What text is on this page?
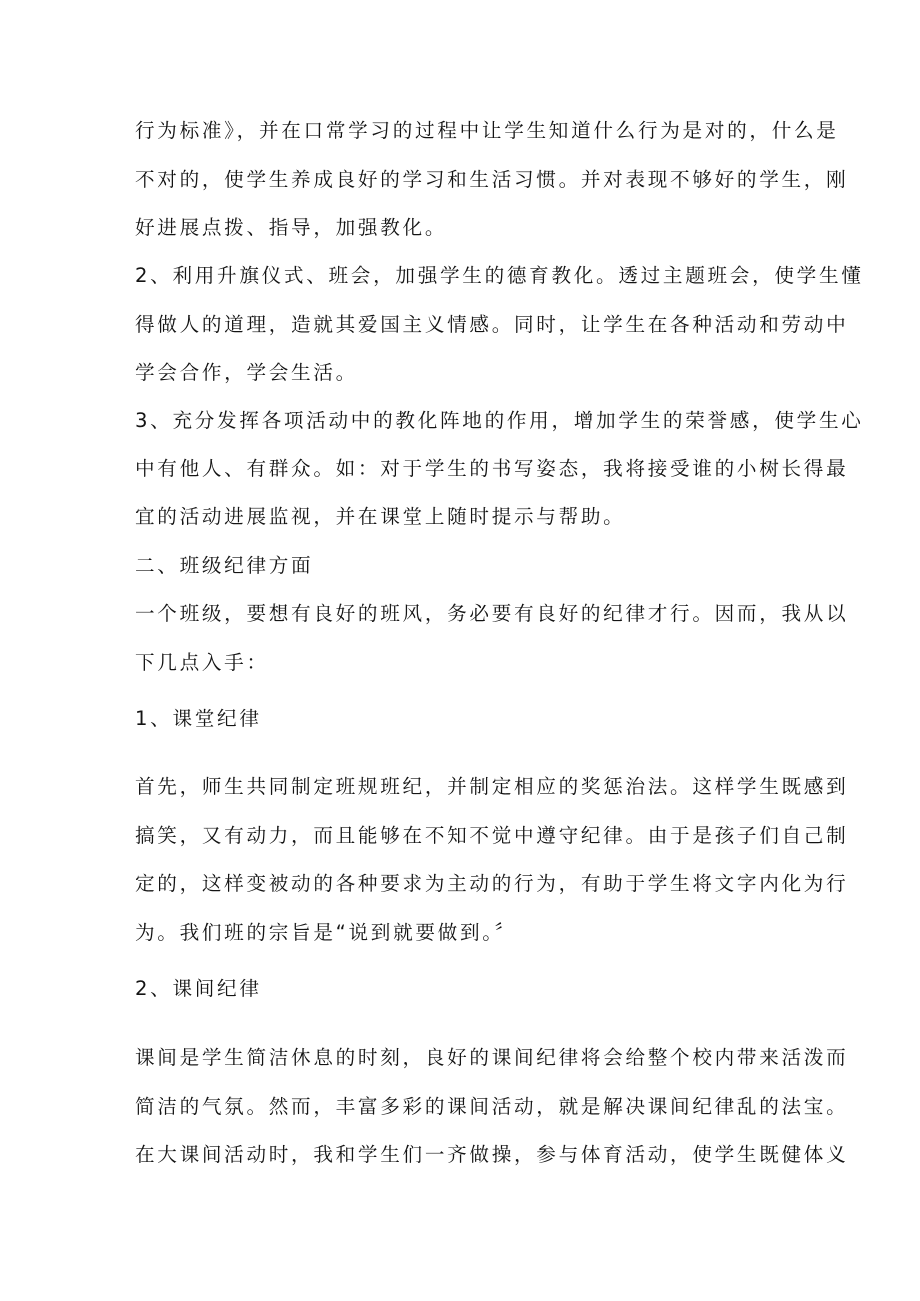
行为标准》，并在口常学习的过程中让学生知道什么行为是对的，什么是
不对的，使学生养成良好的学习和生活习惯。并对表现不够好的学生，刚
好进展点拨、指导，加强教化。
2、利用升旗仪式、班会，加强学生的德育教化。透过主题班会，使学生懂
得做人的道理，造就其爱国主义情感。同时，让学生在各种活动和劳动中
学会合作，学会生活。
3、充分发挥各项活动中的教化阵地的作用，增加学生的荣誉感，使学生心
中有他人、有群众。如：对于学生的书写姿态，我将接受谁的小树长得最
宜的活动进展监视，并在课堂上随时提示与帮助。
二、班级纪律方面
一个班级，要想有良好的班风，务必要有良好的纪律才行。因而，我从以
下几点入手：
1、课堂纪律
首先，师生共同制定班规班纪，并制定相应的奖惩治法。这样学生既感到
搞笑，又有动力，而且能够在不知不觉中遵守纪律。由于是孩子们自己制
定的，这样变被动的各种要求为主动的行为，有助于学生将文字内化为行
为。我们班的宗旨是“说到就要做到。〞
2、课间纪律
课间是学生简洁休息的时刻，良好的课间纪律将会给整个校内带来活泼而
简洁的气氛。然而，丰富多彩的课间活动，就是解决课间纪律乱的法宝。
在大课间活动时，我和学生们一齐做操，参与体育活动，使学生既健体义
